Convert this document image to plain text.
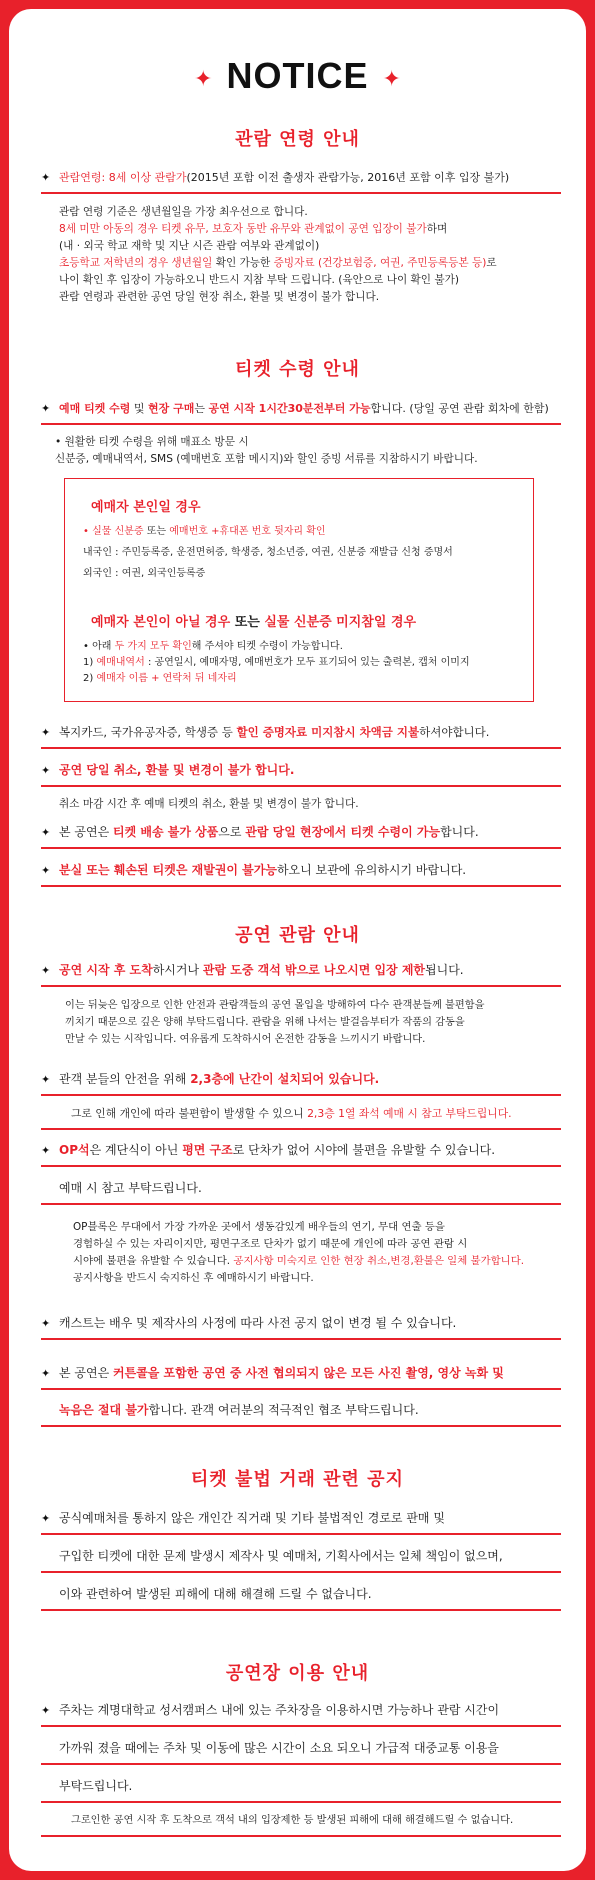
✦ NOTICE ✦
관람 연령 안내
✦ 관람연령: 8세 이상 관람가(2015년 포함 이전 출생자 관람가능, 2016년 포함 이후 입장 불가)
관람 연령 기준은 생년월일을 가장 최우선으로 합니다.
8세 미만 아동의 경우 티켓 유무, 보호자 동반 유무와 관계없이 공연 입장이 불가하며
(내 · 외국 학교 재학 및 지난 시즌 관람 여부와 관계없이)
초등학교 저학년의 경우 생년월일 확인 가능한 증빙자료 (건강보험증, 여권, 주민등록등본 등)로
나이 확인 후 입장이 가능하오니 반드시 지참 부탁 드립니다. (육안으로 나이 확인 불가)
관람 연령과 관련한 공연 당일 현장 취소, 환불 및 변경이 불가 합니다.
티켓 수령 안내
✦ 예매 티켓 수령 및 현장 구매는 공연 시작 1시간30분전부터 가능합니다. (당일 공연 관람 회차에 한함)
• 원활한 티켓 수령을 위해 매표소 방문 시
신분증, 예매내역서, SMS (예매번호 포함 메시지)와 할인 증빙 서류를 지참하시기 바랍니다.
예매자 본인일 경우
• 실물 신분증 또는 예매번호 +휴대폰 번호 뒷자리 확인
내국인 : 주민등록증, 운전면허증, 학생증, 청소년증, 여권, 신분증 재발급 신청 증명서
외국인 : 여권, 외국인등록증
예매자 본인이 아닐 경우 또는 실물 신분증 미지참일 경우
• 아래 두 가지 모두 확인해 주셔야 티켓 수령이 가능합니다.
1) 예매내역서 : 공연일시, 예매자명, 예매번호가 모두 표기되어 있는 출력본, 캡처 이미지
2) 예매자 이름 + 연락처 뒤 네자리
✦ 복지카드, 국가유공자증, 학생증 등 할인 증명자료 미지참시 차액금 지불하셔야합니다.
✦ 공연 당일 취소, 환불 및 변경이 불가 합니다.
취소 마감 시간 후 예매 티켓의 취소, 환불 및 변경이 불가 합니다.
✦ 본 공연은 티켓 배송 불가 상품으로 관람 당일 현장에서 티켓 수령이 가능합니다.
✦ 분실 또는 훼손된 티켓은 재발권이 불가능하오니 보관에 유의하시기 바랍니다.
공연 관람 안내
✦ 공연 시작 후 도착하시거나 관람 도중 객석 밖으로 나오시면 입장 제한됩니다.
이는 뒤늦은 입장으로 인한 안전과 관람객들의 공연 몰입을 방해하여 다수 관객분들께 불편함을
끼치기 때문으로 깊은 양해 부탁드립니다. 관람을 위해 나서는 발걸음부터가 작품의 감동을
만날 수 있는 시작입니다. 여유롭게 도착하시어 온전한 감동을 느끼시기 바랍니다.
✦ 관객 분들의 안전을 위해 2,3층에 난간이 설치되어 있습니다.
그로 인해 개인에 따라 불편함이 발생할 수 있으니 2,3층 1열 좌석 예매 시 참고 부탁드립니다.
✦ OP석은 계단식이 아닌 평면 구조로 단차가 없어 시야에 불편을 유발할 수 있습니다.
예매 시 참고 부탁드립니다.
OP블록은 무대에서 가장 가까운 곳에서 생동감있게 배우들의 연기, 무대 연출 등을
경험하실 수 있는 자리이지만, 평면구조로 단차가 없기 때문에 개인에 따라 공연 관람 시
시야에 불편을 유발할 수 있습니다. 공지사항 미숙지로 인한 현장 취소,변경,환불은 일체 불가합니다.
공지사항을 반드시 숙지하신 후 예매하시기 바랍니다.
✦ 캐스트는 배우 및 제작사의 사정에 따라 사전 공지 없이 변경 될 수 있습니다.
✦ 본 공연은 커튼콜을 포함한 공연 중 사전 협의되지 않은 모든 사진 촬영, 영상 녹화 및
녹음은 절대 불가합니다. 관객 여러분의 적극적인 협조 부탁드립니다.
티켓 불법 거래 관련 공지
✦ 공식예매처를 통하지 않은 개인간 직거래 및 기타 불법적인 경로로 판매 및
구입한 티켓에 대한 문제 발생시 제작사 및 예매처, 기획사에서는 일체 책임이 없으며,
이와 관련하여 발생된 피해에 대해 해결해 드릴 수 없습니다.
공연장 이용 안내
✦ 주차는 계명대학교 성서캠퍼스 내에 있는 주차장을 이용하시면 가능하나 관람 시간이
가까워 졌을 때에는 주차 및 이동에 많은 시간이 소요 되오니 가급적 대중교통 이용을
부탁드립니다.
그로인한 공연 시작 후 도착으로 객석 내의 입장제한 등 발생된 피해에 대해 해결해드릴 수 없습니다.
